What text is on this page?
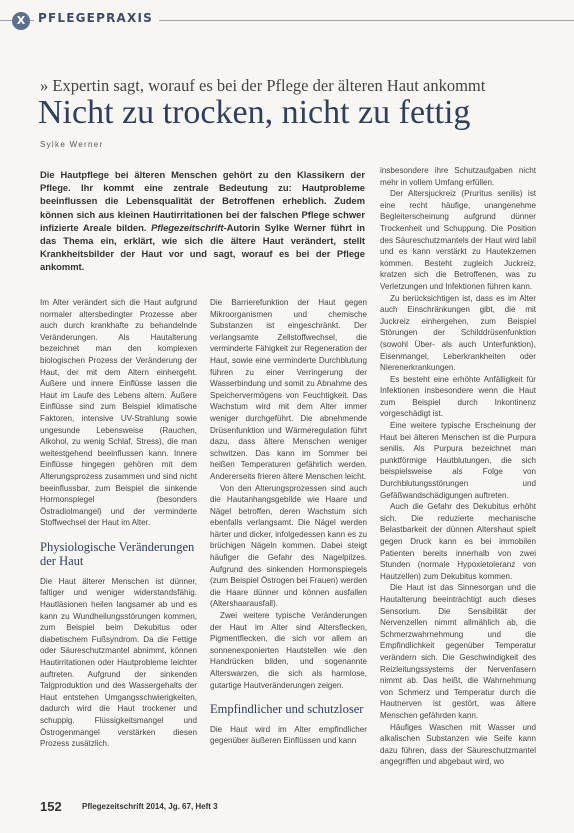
X	PFLEGEPRAXIS
» Expertin sagt, worauf es bei der Pflege der älteren Haut ankommt
Nicht zu trocken, nicht zu fettig
Sylke Werner
Die Hautpflege bei älteren Menschen gehört zu den Klassikern der Pflege. Ihr kommt eine zentrale Bedeutung zu: Hautprobleme beeinflussen die Lebensqualität der Betroffenen erheblich. Zudem können sich aus kleinen Hautirritationen bei der falschen Pflege schwer infizierte Areale bilden. Pflegezeitschrift-Autorin Sylke Werner führt in das Thema ein, erklärt, wie sich die ältere Haut verändert, stellt Krankheitsbilder der Haut vor und sagt, worauf es bei der Pflege ankommt.

Im Alter verändert sich die Haut aufgrund normaler altersbedingter Prozesse aber auch durch krankhafte zu behandelnde Veränderungen. Als Hautalterung bezeichnet man den komplexen biologischen Prozess der Veränderung der Haut, der mit dem Altern einhergeht. Äußere und innere Einflüsse lassen die Haut im Laufe des Lebens altern. Äußere Einflüsse sind zum Beispiel klimatische Faktoren, intensive UV-Strahlung sowie ungesunde Lebensweise (Rauchen, Alkohol, zu wenig Schlaf, Stress), die man weitestgehend beeinflussen kann. Innere Einflüsse hingegen gehören mit dem Alterungsprozess zusammen und sind nicht beeinflussbar, zum Beispiel die sinkende Hormonspiegel (besonders Östradiolmangel) und der verminderte Stoffwechsel der Haut im Alter.

Physiologische Veränderungen der Haut

Die Haut älterer Menschen ist dünner, faltiger und weniger widerstandsfähig. Hautläsionen heilen langsamer ab und es kann zu Wundheilungsstörungen kommen, zum Beispiel beim Dekubitus oder diabetischem Fußsyndrom. Da die Fettige oder Säureschutzmantel abnimmt, können Hautirritationen oder Hautprobleme leichter auftreten. Aufgrund der sinkenden Talgproduktion und des Wassergehalts der Haut entstehen Umgangsschwierigkeiten, dadurch wird die Haut trockener und schuppig. Flüssigkeitsmangel und Östrogenmangel verstärken diesen Prozess zusätzlich.

Die Barrierefunktion der Haut gegen Mikroorganismen und chemische Substanzen ist eingeschränkt. Der verlangsamte Zellstoffwechsel, die verminderte Fähigkeit zur Regeneration der Haut, sowie eine verminderte Durchblutung führen zu einer Verringerung der Wasserbindung und somit zu Abnahme des Speichervermögens von Feuchtigkeit. Das Wachstum wird mit dem Alter immer weniger durchgeführt. Die abnehmende Drüsenfunktion und Wärmeregulation führt dazu, dass ältere Menschen weniger schwitzen. Das kann im Sommer bei heißen Temperaturen gefährlich werden. Andererseits frieren ältere Menschen leicht.

Von den Alterungsprozessen sind auch die Hautanhangsgebilde wie Haare und Nägel betroffen, deren Wachstum sich ebenfalls verlangsamt. Die Nägel werden härter und dicker, infolgedessen kann es zu brüchigen Nägeln kommen. Dabei steigt häufiger die Gefahr des Nagelpilzes. Aufgrund des sinkenden Hormonspiegels (zum Beispiel Östrogen bei Frauen) werden die Haare dünner und können ausfallen (Altershaarausfall).

Zwei weitere typische Veränderungen der Haut im Alter sind Altersflecken, Pigmentflecken, die sich vor allem an sonnenexponierten Hautstellen wie den Handrücken bilden, und sogenannte Alterswarzen, die sich als harmlose, gutartige Hautveränderungen zeigen.

Empfindlicher und schutzloser

Die Haut wird im Alter empfindlicher gegenüber äußeren Einflüssen und kann

insbesondere ihre Schutzaufgaben nicht mehr in vollem Umfang erfüllen.

Der Altersjuckreiz (Pruritus senilis) ist eine recht häufige, unangenehme Begleiterscheinung aufgrund dünner Trockenheit und Schuppung. Die Position des Säureschutzmantels der Haut wird labil und es kann verstärkt zu Hautekzemen kommen. Besteht zugleich Juckreiz, kratzen sich die Betroffenen, was zu Verletzungen und Infektionen führen kann.

Zu berücksichtigen ist, dass es im Alter auch Einschränkungen gibt, die mit Juckreiz einhergehen, zum Beispiel Störungen der Schilddrüsenfunktion (sowohl Über- als auch Unterfunktion), Eisenmangel, Leberkrankheiten oder Nierenerkrankungen.

Es besteht eine erhöhte Anfälligkeit für Infektionen insbesondere wenn die Haut zum Beispiel durch Inkontinenz vorgeschädigt ist.

Eine weitere typische Erscheinung der Haut bei älteren Menschen ist die Purpura senilis. Als Purpura bezeichnet man punktförmige Hautblutungen, die sich beispielsweise als Folge von Durchblutungsstörungen und Gefäßwandschädigungen auftreten.

Auch die Gefahr des Dekubitus erhöht sich. Die reduzierte mechanische Belastbarkeit der dünnen Altershaut spielt gegen Druck kann es bei immobilen Patienten bereits innerhalb von zwei Stunden (normale Hypoxietoleranz von Hautzellen) zum Dekubitus kommen.

Die Haut ist das Sinnesorgan und die Hautalterung beeinträchtigt auch dieses Sensorium. Die Sensibilität der Nervenzellen nimmt allmählich ab, die Schmerzwahrnehmung und die Empfindlichkeit gegenüber Temperatur verändern sich. Die Geschwindigkeit des Reizleitungssystems der Nervenfasern nimmt ab. Das heißt, die Wahrnehmung von Schmerz und Temperatur durch die Hautnerven ist gestört, was ältere Menschen gefährden kann.

Häufiges Waschen mit Wasser und alkalischen Substanzen wie Seife kann dazu führen, dass der Säureschutzmantel angegriffen und abgebaut wird, wo

152	Pflegezeitschrift 2014, Jg. 67, Heft 3
